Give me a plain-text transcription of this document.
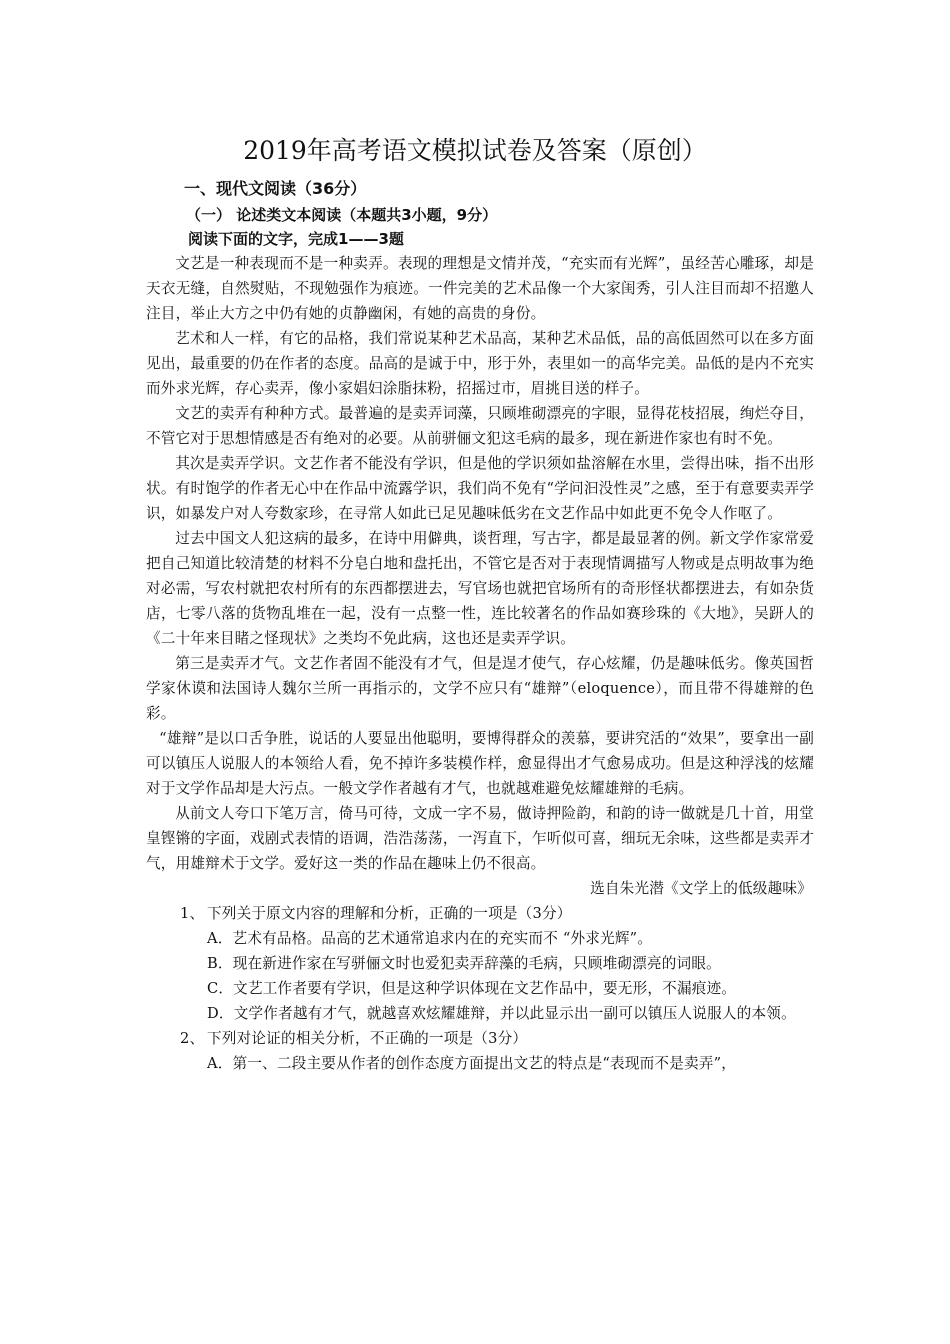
2019年高考语文模拟试卷及答案（原创）
一、现代文阅读（36分）
（一） 论述类文本阅读（本题共3小题，9分）
阅读下面的文字，完成1——3题

文艺是一种表现而不是一种卖弄。表现的理想是文情并茂，“充实而有光辉”，虽经苦心雕琢，却是天衣无缝，自然熨贴，不现勉强作为痕迹。一件完美的艺术品像一个大家闺秀，引人注目而却不招邀人注目，举止大方之中仍有她的贞静幽闲，有她的高贵的身份。

艺术和人一样，有它的品格，我们常说某种艺术品高，某种艺术品低，品的高低固然可以在多方面见出，最重要的仍在作者的态度。品高的是诚于中，形于外，表里如一的高华完美。品低的是内不充实而外求光辉，存心卖弄，像小家娼妇涂脂抹粉，招摇过市，眉挑目送的样子。

文艺的卖弄有种种方式。最普遍的是卖弄词藻，只顾堆砌漂亮的字眼，显得花枝招展，绚烂夺目，不管它对于思想情感是否有绝对的必要。从前骈俪文犯这毛病的最多，现在新进作家也有时不免。

其次是卖弄学识。文艺作者不能没有学识，但是他的学识须如盐溶解在水里，尝得出味，指不出形状。有时饱学的作者无心中在作品中流露学识，我们尚不免有“学问汩没性灵”之感，至于有意要卖弄学识，如暴发户对人夸数家珍，在寻常人如此已足见趣味低劣在文艺作品中如此更不免令人作呕了。

过去中国文人犯这病的最多，在诗中用僻典，谈哲理，写古字，都是最显著的例。新文学作家常爱把自己知道比较清楚的材料不分皂白地和盘托出，不管它是否对于表现情调描写人物或是点明故事为绝对必需，写农村就把农村所有的东西都摆进去，写官场也就把官场所有的奇形怪状都摆进去，有如杂货店，七零八落的货物乱堆在一起，没有一点整一性，连比较著名的作品如赛珍珠的《大地》，吴趼人的《二十年来目睹之怪现状》之类均不免此病，这也还是卖弄学识。

第三是卖弄才气。文艺作者固不能没有才气，但是逞才使气，存心炫耀，仍是趣味低劣。像英国哲学家休谟和法国诗人魏尔兰所一再指示的，文学不应只有“雄辩”（eloquence），而且带不得雄辩的色彩。

“雄辩”是以口舌争胜，说话的人要显出他聪明，要博得群众的羡慕，要讲究活的“效果”，要拿出一副可以镇压人说服人的本领给人看，免不掉许多装模作样，愈显得出才气愈易成功。但是这种浮浅的炫耀对于文学作品却是大污点。一般文学作者越有才气，也就越难避免炫耀雄辩的毛病。

从前文人夸口下笔万言，倚马可待，文成一字不易，做诗押险韵，和韵的诗一做就是几十首，用堂皇铿锵的字面，戏剧式表情的语调，浩浩荡荡，一泻直下，乍听似可喜，细玩无余味，这些都是卖弄才气，用雄辩术于文学。爱好这一类的作品在趣味上仍不很高。

选自朱光潜《文学上的低级趣味》

1、 下列关于原文内容的理解和分析，正确的一项是（3分）

A．艺术有品格。品高的艺术通常追求内在的充实而不 “外求光辉”。

B．现在新进作家在写骈俪文时也爱犯卖弄辞藻的毛病，只顾堆砌漂亮的词眼。

C．文艺工作者要有学识，但是这种学识体现在文艺作品中，要无形，不漏痕迹。

D．文学作者越有才气，就越喜欢炫耀雄辩，并以此显示出一副可以镇压人说服人的本领。

2、 下列对论证的相关分析，不正确的一项是（3分）

A．第一、二段主要从作者的创作态度方面提出文艺的特点是“表现而不是卖弄”，
